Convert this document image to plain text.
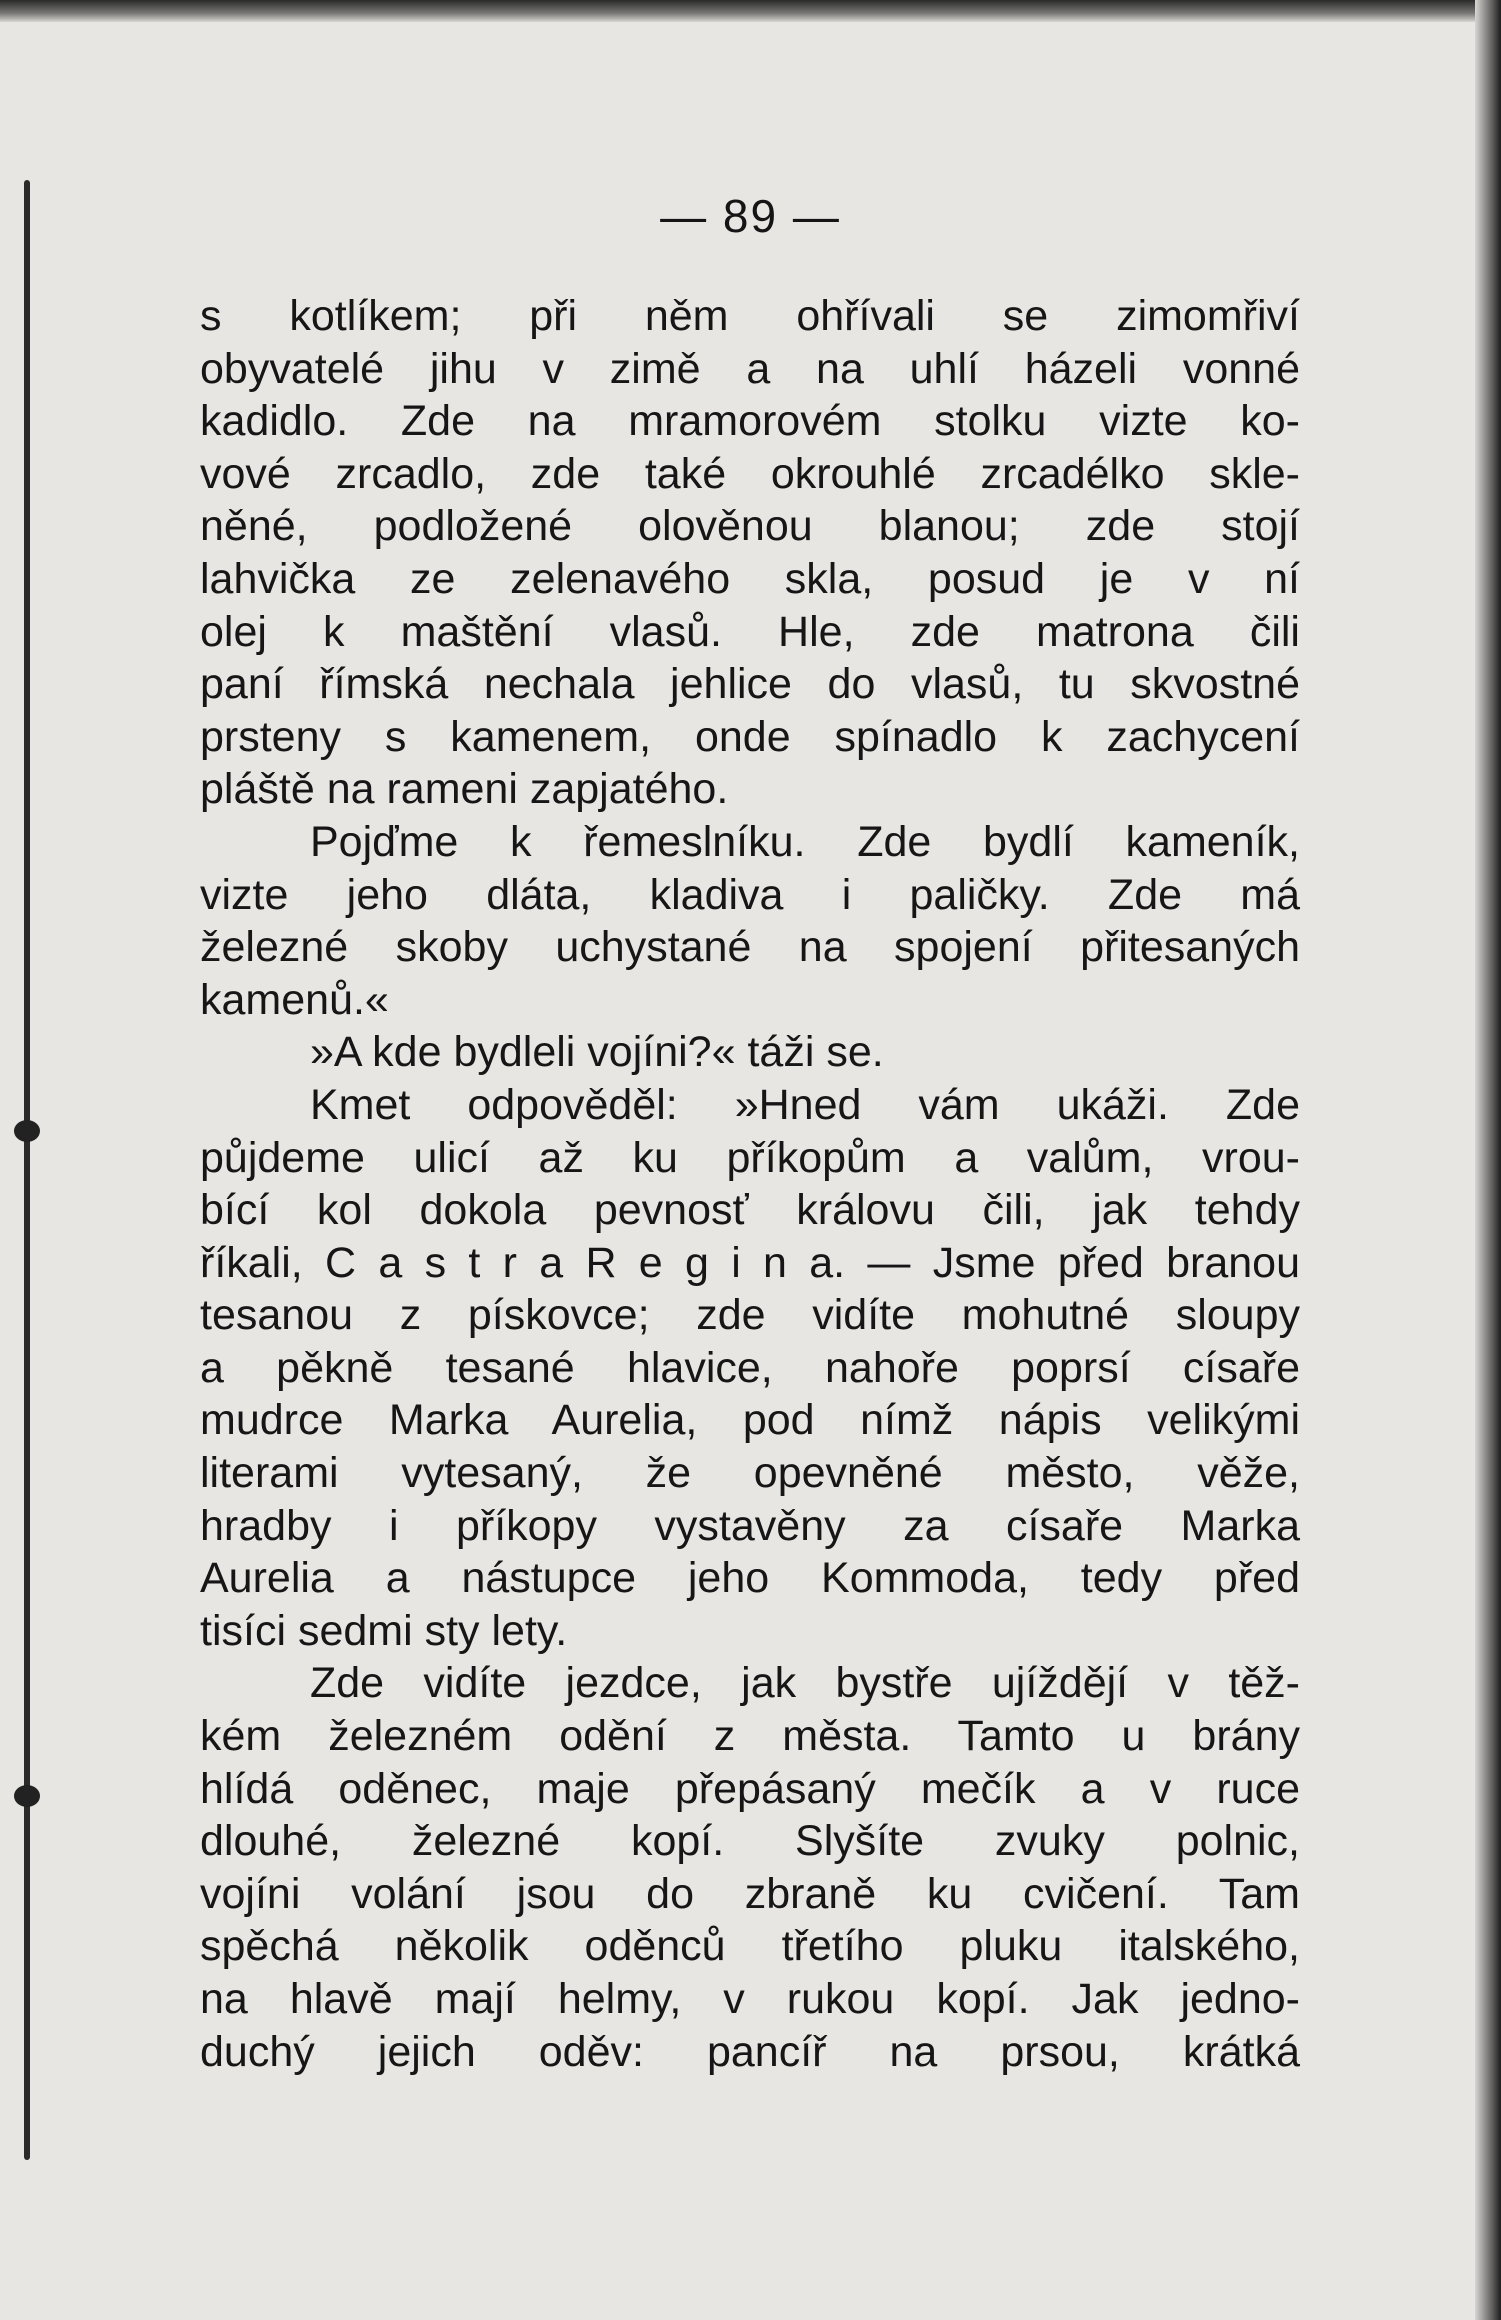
— 89 —
s kotlíkem; při něm ohřívali se zimomřiví
obyvatelé jihu v zimě a na uhlí házeli vonné
kadidlo. Zde na mramorovém stolku vizte ko-
vové zrcadlo, zde také okrouhlé zrcadélko skle-
něné, podložené olověnou blanou; zde stojí
lahvička ze zelenavého skla, posud je v ní
olej k maštění vlasů. Hle, zde matrona čili
paní římská nechala jehlice do vlasů, tu skvostné
prsteny s kamenem, onde spínadlo k zachycení
pláště na rameni zapjatého.
Pojďme k řemeslníku. Zde bydlí kameník,
vizte jeho dláta, kladiva i paličky. Zde má
železné skoby uchystané na spojení přitesaných
kamenů.«
»A kde bydleli vojíni?« táži se.
Kmet odpověděl: »Hned vám ukáži. Zde
půjdeme ulicí až ku příkopům a valům, vrou-
bící kol dokola pevnosť královu čili, jak tehdy
říkali, C a s t r a R e g i n a. — Jsme před branou
tesanou z pískovce; zde vidíte mohutné sloupy
a pěkně tesané hlavice, nahoře poprsí císaře
mudrce Marka Aurelia, pod nímž nápis velikými
literami vytesaný, že opevněné město, věže,
hradby i příkopy vystavěny za císaře Marka
Aurelia a nástupce jeho Kommoda, tedy před
tisíci sedmi sty lety.
Zde vidíte jezdce, jak bystře ujíždějí v těž-
kém železném odění z města. Tamto u brány
hlídá oděnec, maje přepásaný mečík a v ruce
dlouhé, železné kopí. Slyšíte zvuky polnic,
vojíni volání jsou do zbraně ku cvičení. Tam
spěchá několik oděnců třetího pluku italského,
na hlavě mají helmy, v rukou kopí. Jak jedno-
duchý jejich oděv: pancíř na prsou, krátká
